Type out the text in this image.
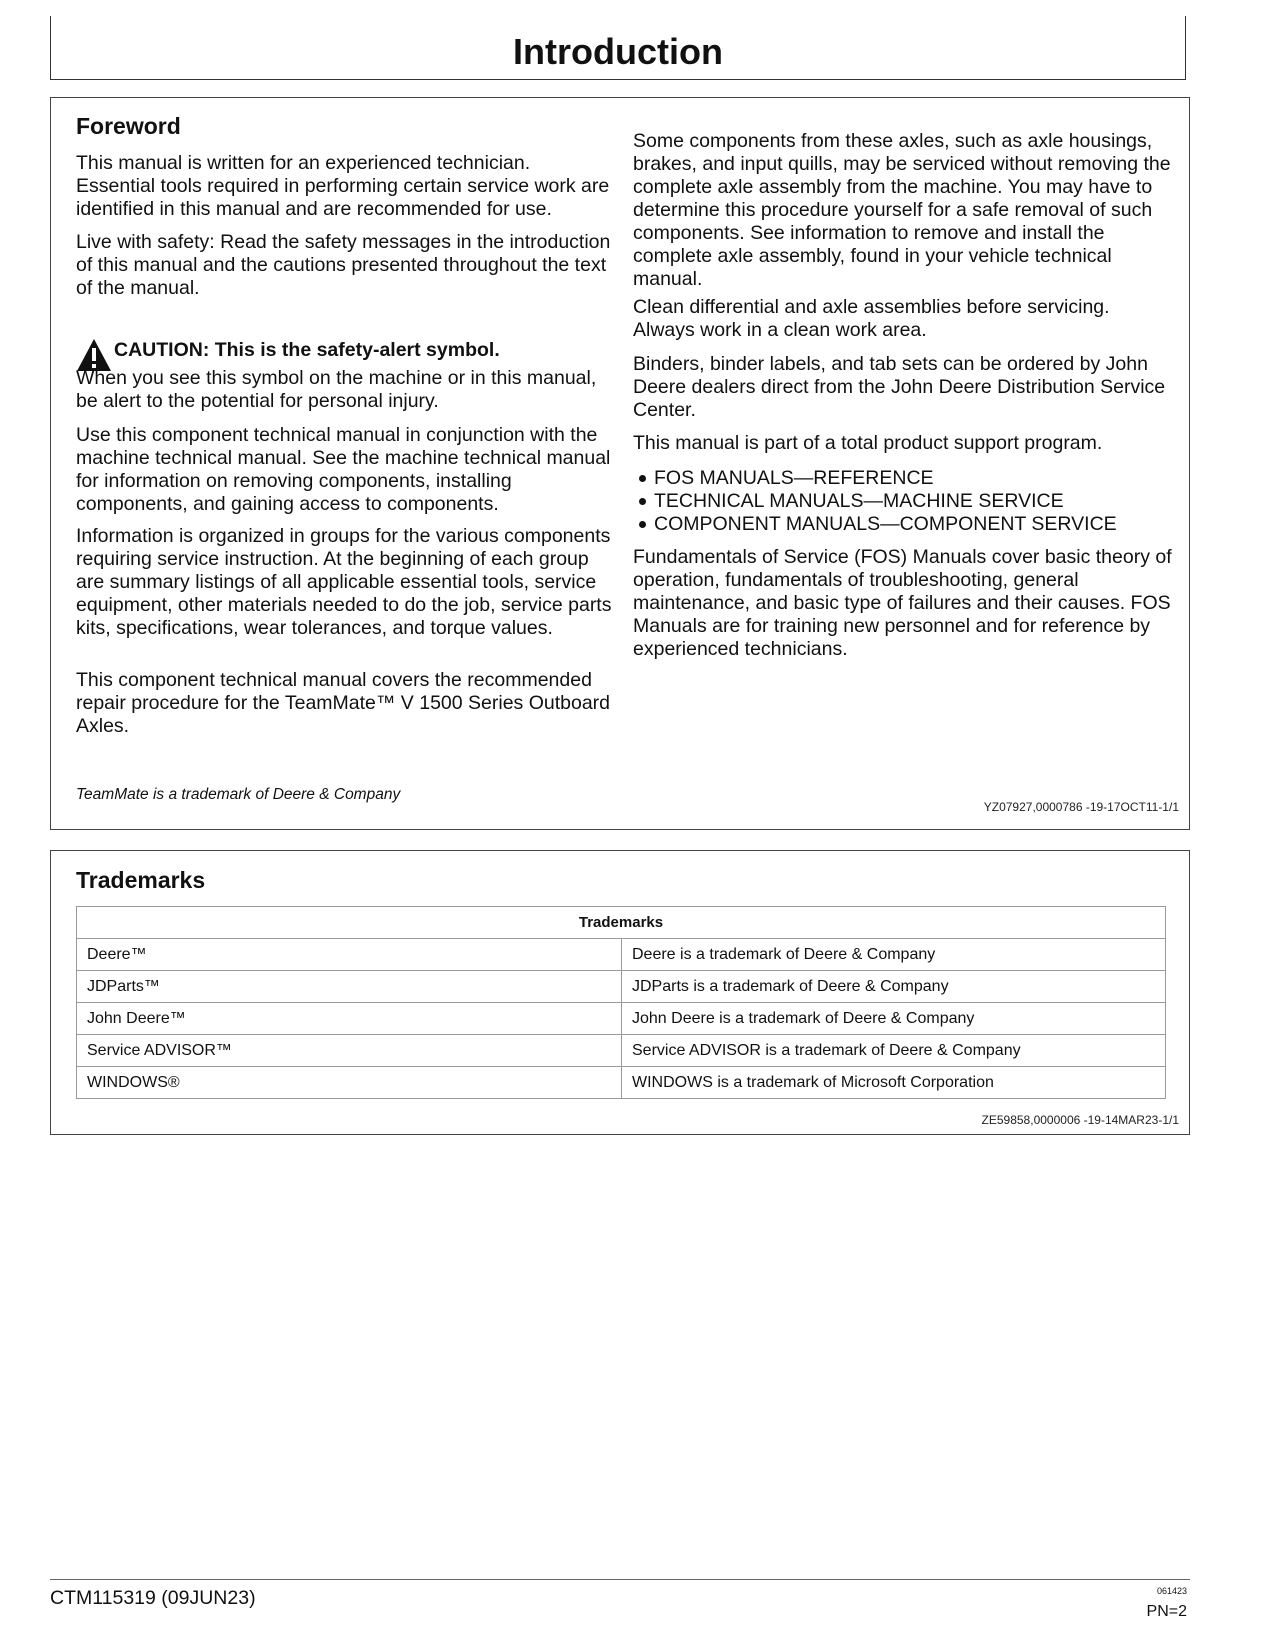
Introduction
Foreword

This manual is written for an experienced technician. Essential tools required in performing certain service work are identified in this manual and are recommended for use.

Live with safety: Read the safety messages in the introduction of this manual and the cautions presented throughout the text of the manual.

CAUTION: This is the safety-alert symbol.

When you see this symbol on the machine or in this manual, be alert to the potential for personal injury.

Use this component technical manual in conjunction with the machine technical manual. See the machine technical manual for information on removing components, installing components, and gaining access to components.

Information is organized in groups for the various components requiring service instruction. At the beginning of each group are summary listings of all applicable essential tools, service equipment, other materials needed to do the job, service parts kits, specifications, wear tolerances, and torque values.

This component technical manual covers the recommended repair procedure for the TeamMate™ V 1500 Series Outboard Axles.

TeamMate is a trademark of Deere & Company

Some components from these axles, such as axle housings, brakes, and input quills, may be serviced without removing the complete axle assembly from the machine. You may have to determine this procedure yourself for a safe removal of such components. See information to remove and install the complete axle assembly, found in your vehicle technical manual.

Clean differential and axle assemblies before servicing. Always work in a clean work area.

Binders, binder labels, and tab sets can be ordered by John Deere dealers direct from the John Deere Distribution Service Center.

This manual is part of a total product support program.

FOS MANUALS—REFERENCE
TECHNICAL MANUALS—MACHINE SERVICE
COMPONENT MANUALS—COMPONENT SERVICE

Fundamentals of Service (FOS) Manuals cover basic theory of operation, fundamentals of troubleshooting, general maintenance, and basic type of failures and their causes. FOS Manuals are for training new personnel and for reference by experienced technicians.

YZ07927,0000786 -19-17OCT11-1/1
Trademarks
Trademarks	
Deere™	Deere is a trademark of Deere & Company
JDParts™	JDParts is a trademark of Deere & Company
John Deere™	John Deere is a trademark of Deere & Company
Service ADVISOR™	Service ADVISOR is a trademark of Deere & Company
WINDOWS®	WINDOWS is a trademark of Microsoft Corporation
ZE59858,0000006 -19-14MAR23-1/1
CTM115319 (09JUN23)	061423
PN=2
